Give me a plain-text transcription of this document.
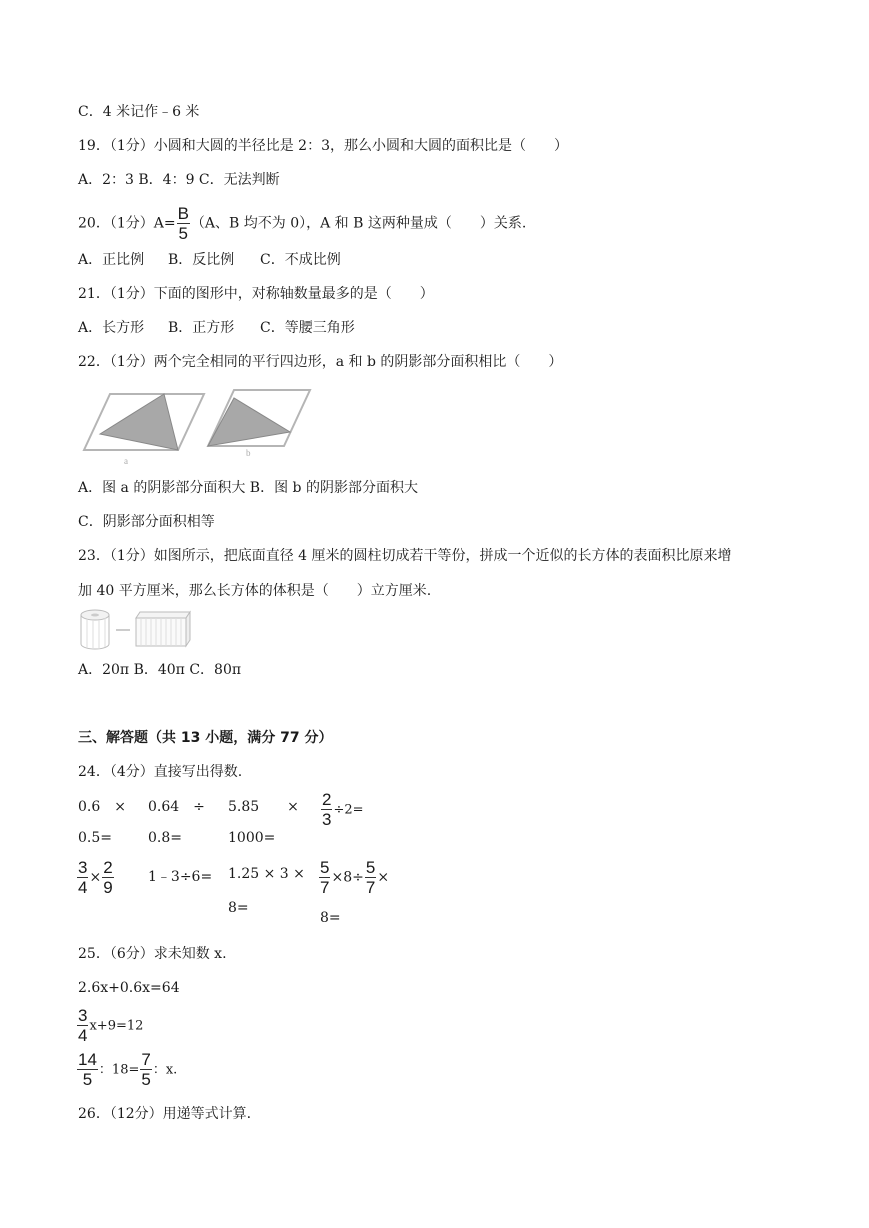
C．4 米记作﹣6 米
19．（1分）小圆和大圆的半径比是 2：3，那么小圆和大圆的面积比是（　　）
A．2：3 B．4：9 C．无法判断
20．（1分）$A= \frac{B}{5} (A$、B 均不为 0），A 和 B 这两种量成（　　）关系.
A．正比例 B．反比例 C．不成比例
21．（1分）下面的图形中，对称轴数量最多的是（　　）
A．长方形 B．正方形 C．等腰三角形
22．（1分）两个完全相同的平行四边形，a 和 b 的阴影部分面积相比（　　）
a
b
A．图 a 的阴影部分面积大 B．图 b 的阴影部分面积大
C．阴影部分面积相等
23．（1分）如图所示，把底面直径 4 厘米的圆柱切成若干等份，拼成一个近似的长方体的表面积比原来增
加 40 平方厘米，那么长方体的体积是（　　）立方厘米.
A．20π B．40π C．80π
三、解答题（共 13 小题，满分 77 分）
24．（4分）直接写出得数.
0.6　×
0.5=
0.64　÷
0.8=
5.85　　×
1000=
$\frac{2}{3} \div 2=$
$\frac{3}{4} \times \frac{2}{9}$ 1﹣3÷6= 1.25 × 3 ×
8=
$\frac{5}{7} \times 8\div \frac{5}{7}$ ×
8=
25．（6分）求未知数 x.
2.6x+0.6x=64
$\frac{3}{4} x+9=12$
$\frac{14}{5}$ ：$18= \frac{7}{5}$ ：x.
26．（12分）用递等式计算.
